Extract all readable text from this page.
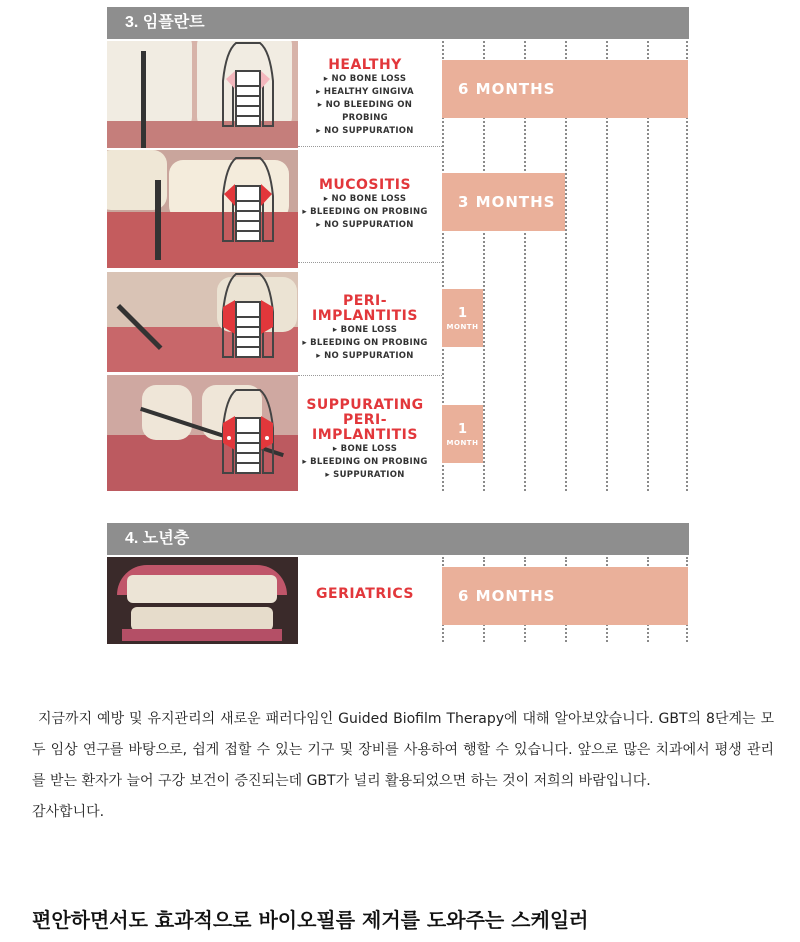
3. 임플란트
HEALTHY
▸ NO BONE LOSS
▸ HEALTHY GINGIVA
▸ NO BLEEDING ON PROBING
▸ NO SUPPURATION
MUCOSITIS
▸ NO BONE LOSS
▸ BLEEDING ON PROBING
▸ NO SUPPURATION
PERI-IMPLANTITIS
▸ BONE LOSS
▸ BLEEDING ON PROBING
▸ NO SUPPURATION
SUPPURATING
PERI-IMPLANTITIS
▸ BONE LOSS
▸ BLEEDING ON PROBING
▸ SUPPURATION
6 MONTHS
3 MONTHS
1
MONTH
1
MONTH
4. 노년층
GERIATRICS	6 MONTHS

지금까지 예방 및 유지관리의 새로운 패러다임인 Guided Biofilm Therapy에 대해 알아보았습니다. GBT의 8단계는 모두 임상 연구를 바탕으로, 쉽게 접할 수 있는 기구 및 장비를 사용하여 행할 수 있습니다. 앞으로 많은 치과에서 평생 관리를 받는 환자가 늘어 구강 보건이 증진되는데 GBT가 널리 활용되었으면 하는 것이 저희의 바람입니다.

감사합니다.

편안하면서도 효과적으로 바이오필름 제거를 도와주는 스케일러
